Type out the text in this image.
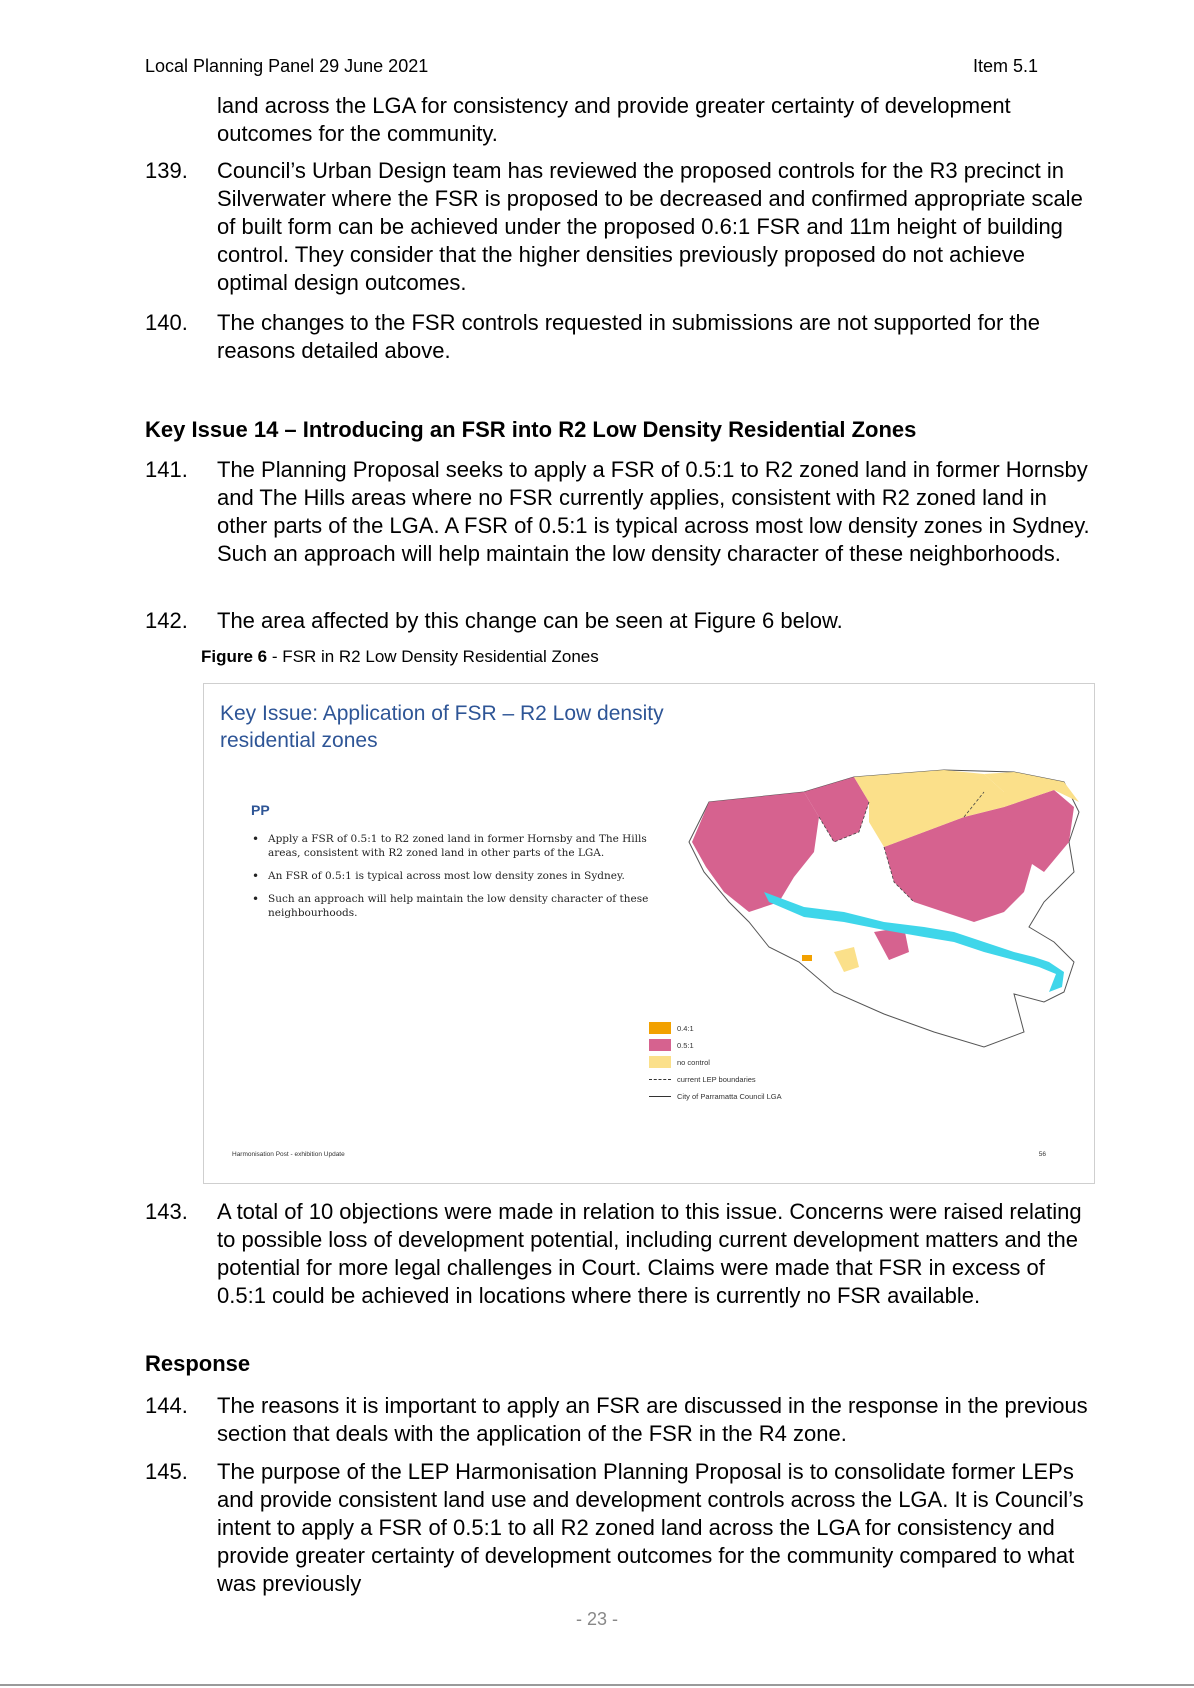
Local Planning Panel 29 June 2021	Item 5.1

land across the LGA for consistency and provide greater certainty of development outcomes for the community.

139. Council’s Urban Design team has reviewed the proposed controls for the R3 precinct in Silverwater where the FSR is proposed to be decreased and confirmed appropriate scale of built form can be achieved under the proposed 0.6:1 FSR and 11m height of building control. They consider that the higher densities previously proposed do not achieve optimal design outcomes.

140. The changes to the FSR controls requested in submissions are not supported for the reasons detailed above.

Key Issue 14 – Introducing an FSR into R2 Low Density Residential Zones
141. The Planning Proposal seeks to apply a FSR of 0.5:1 to R2 zoned land in former Hornsby and The Hills areas where no FSR currently applies, consistent with R2 zoned land in other parts of the LGA. A FSR of 0.5:1 is typical across most low density zones in Sydney. Such an approach will help maintain the low density character of these neighborhoods.

142. The area affected by this change can be seen at Figure 6 below.

Figure 6 - FSR in R2 Low Density Residential Zones

Key Issue: Application of FSR – R2 Low density residential zones

PP
• Apply a FSR of 0.5:1 to R2 zoned land in former Hornsby and The Hills areas, consistent with R2 zoned land in other parts of the LGA.
• An FSR of 0.5:1 is typical across most low density zones in Sydney.
• Such an approach will help maintain the low density character of these neighbourhoods.
0.4:1
0.5:1
no control
current LEP boundaries
City of Parramatta Council LGA
Harmonisation Post - exhibition Update	56
143. A total of 10 objections were made in relation to this issue. Concerns were raised relating to possible loss of development potential, including current development matters and the potential for more legal challenges in Court. Claims were made that FSR in excess of 0.5:1 could be achieved in locations where there is currently no FSR available.

Response
144. The reasons it is important to apply an FSR are discussed in the response in the previous section that deals with the application of the FSR in the R4 zone.

145. The purpose of the LEP Harmonisation Planning Proposal is to consolidate former LEPs and provide consistent land use and development controls across the LGA. It is Council’s intent to apply a FSR of 0.5:1 to all R2 zoned land across the LGA for consistency and provide greater certainty of development outcomes for the community compared to what was previously

- 23 -
